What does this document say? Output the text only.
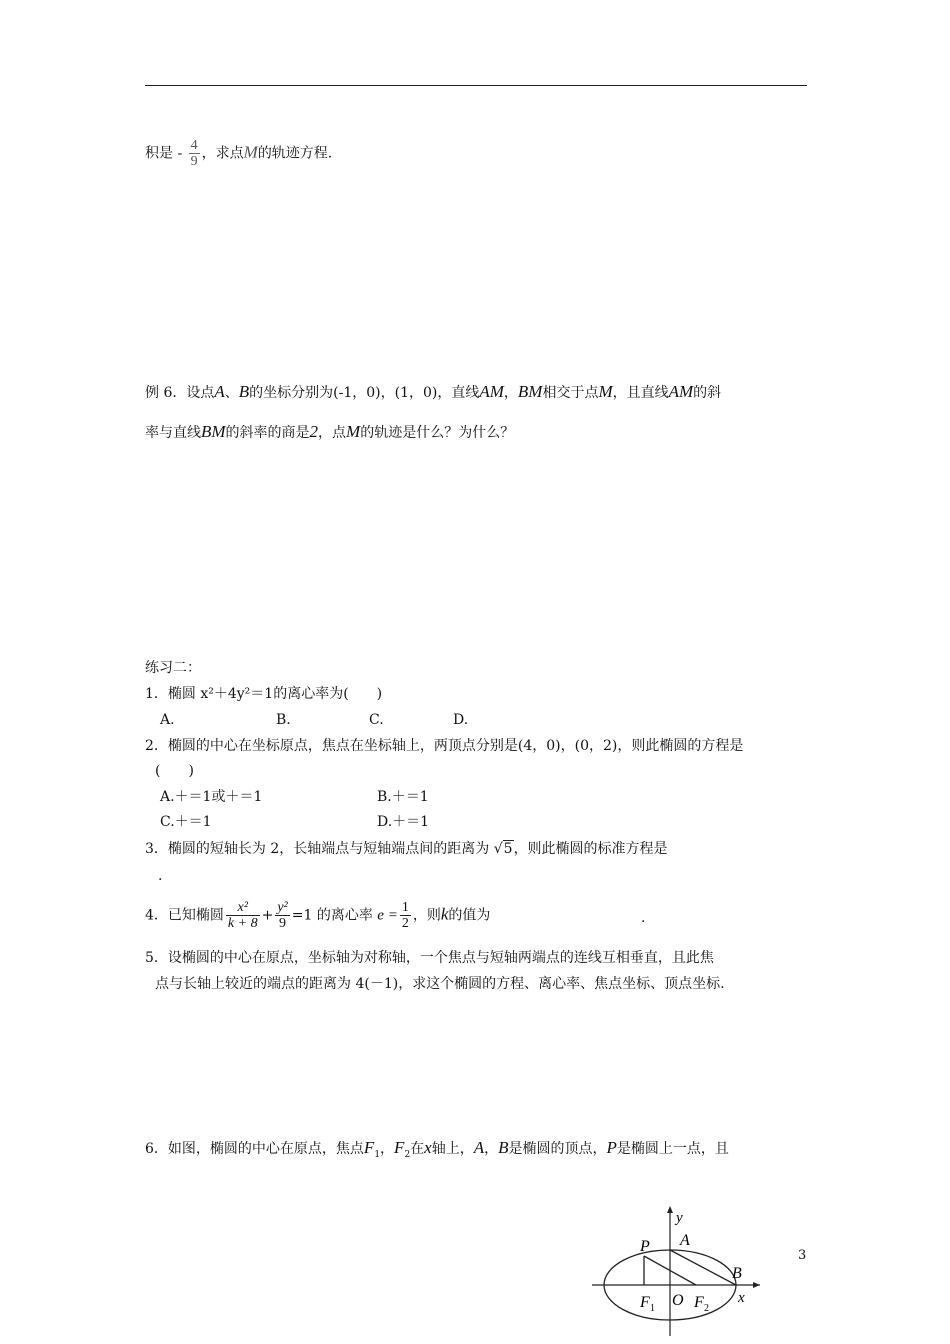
积是 - $\frac{4}{9}$ ，求点M的轨迹方程.
例 6．设点A、B的坐标分别为(-1，0)，(1，0)，直线AM，BM相交于点M，且直线AM的斜
率与直线BM的斜率的商是2，点M的轨迹是什么？为什么？
练习二：
1．椭圆 x²＋4y²＝1的离心率为(　　)
A.	B.	C.	D.
2．椭圆的中心在坐标原点，焦点在坐标轴上，两顶点分别是(4，0)，(0，2)，则此椭圆的方程是
(　　)
A.＋＝1或＋＝1	B.＋＝1
C.＋＝1	D.＋＝1
3．椭圆的短轴长为 2，长轴端点与短轴端点间的距离为 √5，则此椭圆的标准方程是
.
4．已知椭圆 $\frac{\text{x²}}{k + 8} + \frac{\text{y²}}{9} =1$ 的离心率 $e = \frac{1}{2}$ ，则k的值为	.
5．设椭圆的中心在原点，坐标轴为对称轴，一个焦点与短轴两端点的连线互相垂直，且此焦
点与长轴上较近的端点的距离为 4(－1)，求这个椭圆的方程、离心率、焦点坐标、顶点坐标.
6．如图，椭圆的中心在原点，焦点$F_1$，$F_2$在x轴上，A，B是椭圆的顶点，P是椭圆上一点，且
y
P A
B
F 1 O F 2
x
3
